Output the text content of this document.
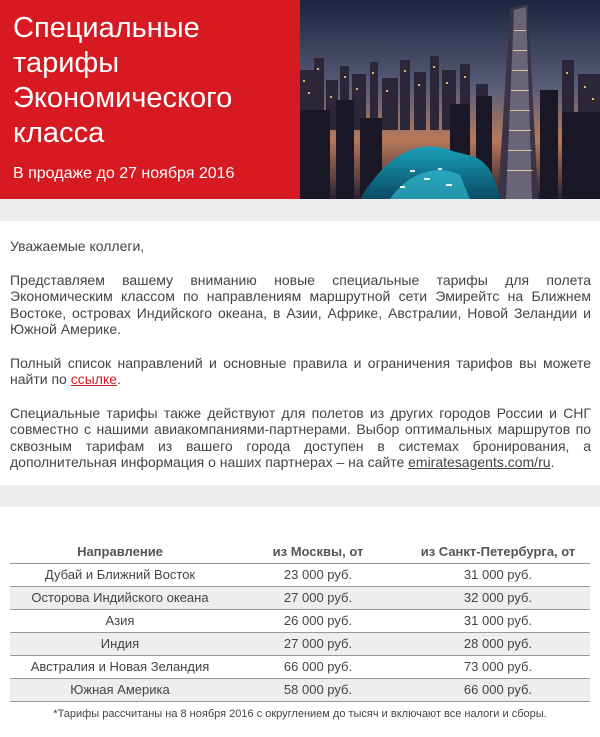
Специальные
тарифы
Экономического
класса
В продаже до 27 ноября 2016

Уважаемые коллеги,

Представляем вашему вниманию новые специальные тарифы для полета Экономическим классом по направлениям маршрутной сети Эмирейтс на Ближнем Востоке, островах Индийского океана, в Азии, Африке, Австралии, Новой Зеландии и Южной Америке.

Полный список направлений и основные правила и ограничения тарифов вы можете найти по ссылке.

Специальные тарифы также действуют для полетов из других городов России и СНГ совместно с нашими авиакомпаниями-партнерами. Выбор оптимальных маршрутов по сквозным тарифам из вашего города доступен в системах бронирования, а дополнительная информация о наших партнерах – на сайте emiratesagents.com/ru.

Направление	из Москвы, от	из Санкт-Петербурга, от
Дубай и Ближний Восток	23 000 руб.	31 000 руб.
Осторова Индийского океана	27 000 руб.	32 000 руб.
Азия	26 000 руб.	31 000 руб.
Индия	27 000 руб.	28 000 руб.
Австралия и Новая Зеландия	66 000 руб.	73 000 руб.
Южная Америка	58 000 руб.	66 000 руб.
*Тарифы рассчитаны на 8 ноября 2016 с округлением до тысяч и включают все налоги и сборы.
